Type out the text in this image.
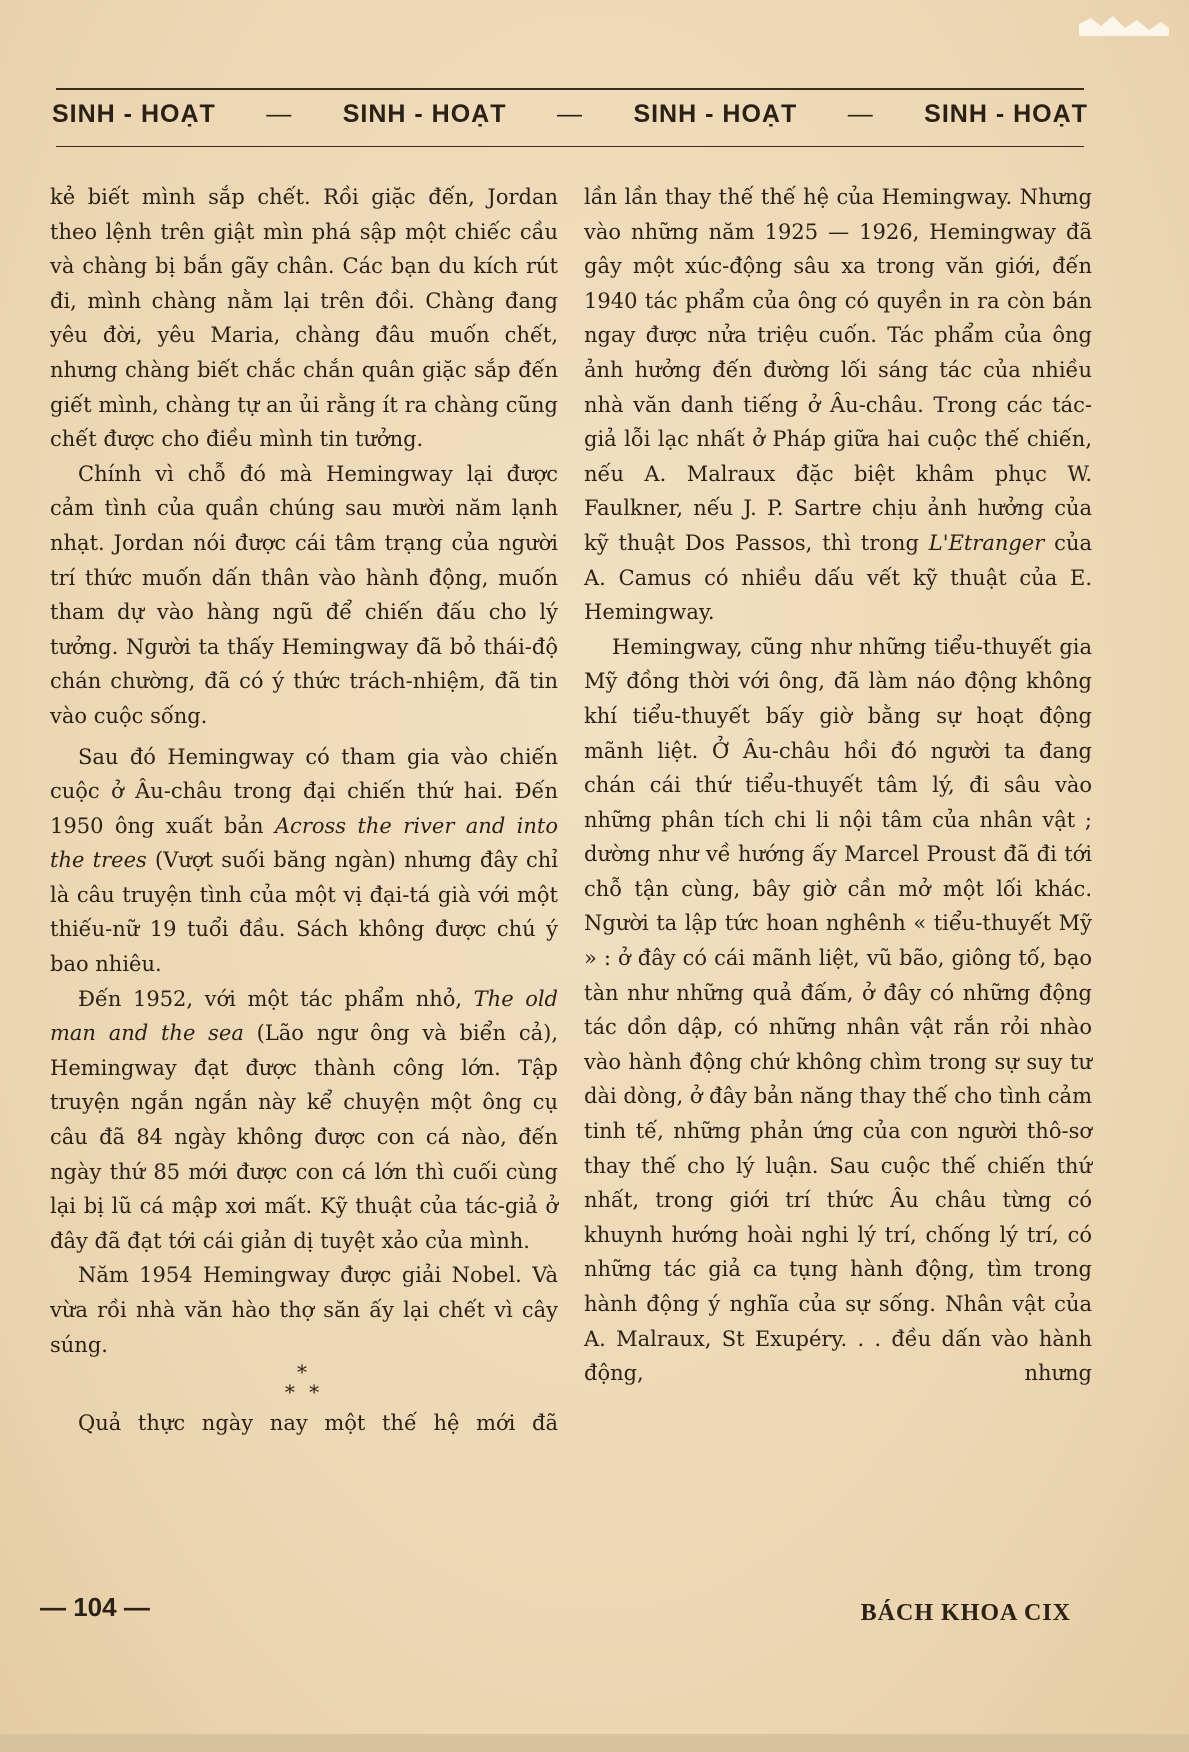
SINH - HOẠT — SINH - HOẠT — SINH - HOẠT — SINH - HOẠT

kẻ biết mình sắp chết. Rồi giặc đến, Jordan theo lệnh trên giật mìn phá sập một chiếc cầu và chàng bị bắn gãy chân. Các bạn du kích rút đi, mình chàng nằm lại trên đồi. Chàng đang yêu đời, yêu Maria, chàng đâu muốn chết, nhưng chàng biết chắc chắn quân giặc sắp đến giết mình, chàng tự an ủi rằng ít ra chàng cũng chết được cho điều mình tin tưởng.

Chính vì chỗ đó mà Hemingway lại được cảm tình của quần chúng sau mười năm lạnh nhạt. Jordan nói được cái tâm trạng của người trí thức muốn dấn thân vào hành động, muốn tham dự vào hàng ngũ để chiến đấu cho lý tưởng. Người ta thấy Hemingway đã bỏ thái-độ chán chường, đã có ý thức trách-nhiệm, đã tin vào cuộc sống.

Sau đó Hemingway có tham gia vào chiến cuộc ở Âu-châu trong đại chiến thứ hai. Đến 1950 ông xuất bản Across the river and into the trees (Vượt suối băng ngàn) nhưng đây chỉ là câu truyện tình của một vị đại-tá già với một thiếu-nữ 19 tuổi đầu. Sách không được chú ý bao nhiêu.

Đến 1952, với một tác phẩm nhỏ, The old man and the sea (Lão ngư ông và biển cả), Hemingway đạt được thành công lớn. Tập truyện ngắn ngắn này kể chuyện một ông cụ câu đã 84 ngày không được con cá nào, đến ngày thứ 85 mới được con cá lớn thì cuối cùng lại bị lũ cá mập xơi mất. Kỹ thuật của tác-giả ở đây đã đạt tới cái giản dị tuyệt xảo của mình.

Năm 1954 Hemingway được giải Nobel. Và vừa rồi nhà văn hào thợ săn ấy lại chết vì cây súng.

*
* *

Quả thực ngày nay một thế hệ mới đã

lần lần thay thế thế hệ của Hemingway. Nhưng vào những năm 1925 — 1926, Hemingway đã gây một xúc-động sâu xa trong văn giới, đến 1940 tác phẩm của ông có quyền in ra còn bán ngay được nửa triệu cuốn. Tác phẩm của ông ảnh hưởng đến đường lối sáng tác của nhiều nhà văn danh tiếng ở Âu-châu. Trong các tác-giả lỗi lạc nhất ở Pháp giữa hai cuộc thế chiến, nếu A. Malraux đặc biệt khâm phục W. Faulkner, nếu J. P. Sartre chịu ảnh hưởng của kỹ thuật Dos Passos, thì trong L'Etranger của A. Camus có nhiều dấu vết kỹ thuật của E. Hemingway.

Hemingway, cũng như những tiểu-thuyết gia Mỹ đồng thời với ông, đã làm náo động không khí tiểu-thuyết bấy giờ bằng sự hoạt động mãnh liệt. Ở Âu-châu hồi đó người ta đang chán cái thứ tiểu-thuyết tâm lý, đi sâu vào những phân tích chi li nội tâm của nhân vật ; dường như về hướng ấy Marcel Proust đã đi tới chỗ tận cùng, bây giờ cần mở một lối khác. Người ta lập tức hoan nghênh « tiểu-thuyết Mỹ » : ở đây có cái mãnh liệt, vũ bão, giông tố, bạo tàn như những quả đấm, ở đây có những động tác dồn dập, có những nhân vật rắn rỏi nhào vào hành động chứ không chìm trong sự suy tư dài dòng, ở đây bản năng thay thế cho tình cảm tinh tế, những phản ứng của con người thô-sơ thay thế cho lý luận. Sau cuộc thế chiến thứ nhất, trong giới trí thức Âu châu từng có khuynh hướng hoài nghi lý trí, chống lý trí, có những tác giả ca tụng hành động, tìm trong hành động ý nghĩa của sự sống. Nhân vật của A. Malraux, St Exupéry. . . đều dấn vào hành động, nhưng

— 104 —	BÁCH KHOA CIX
